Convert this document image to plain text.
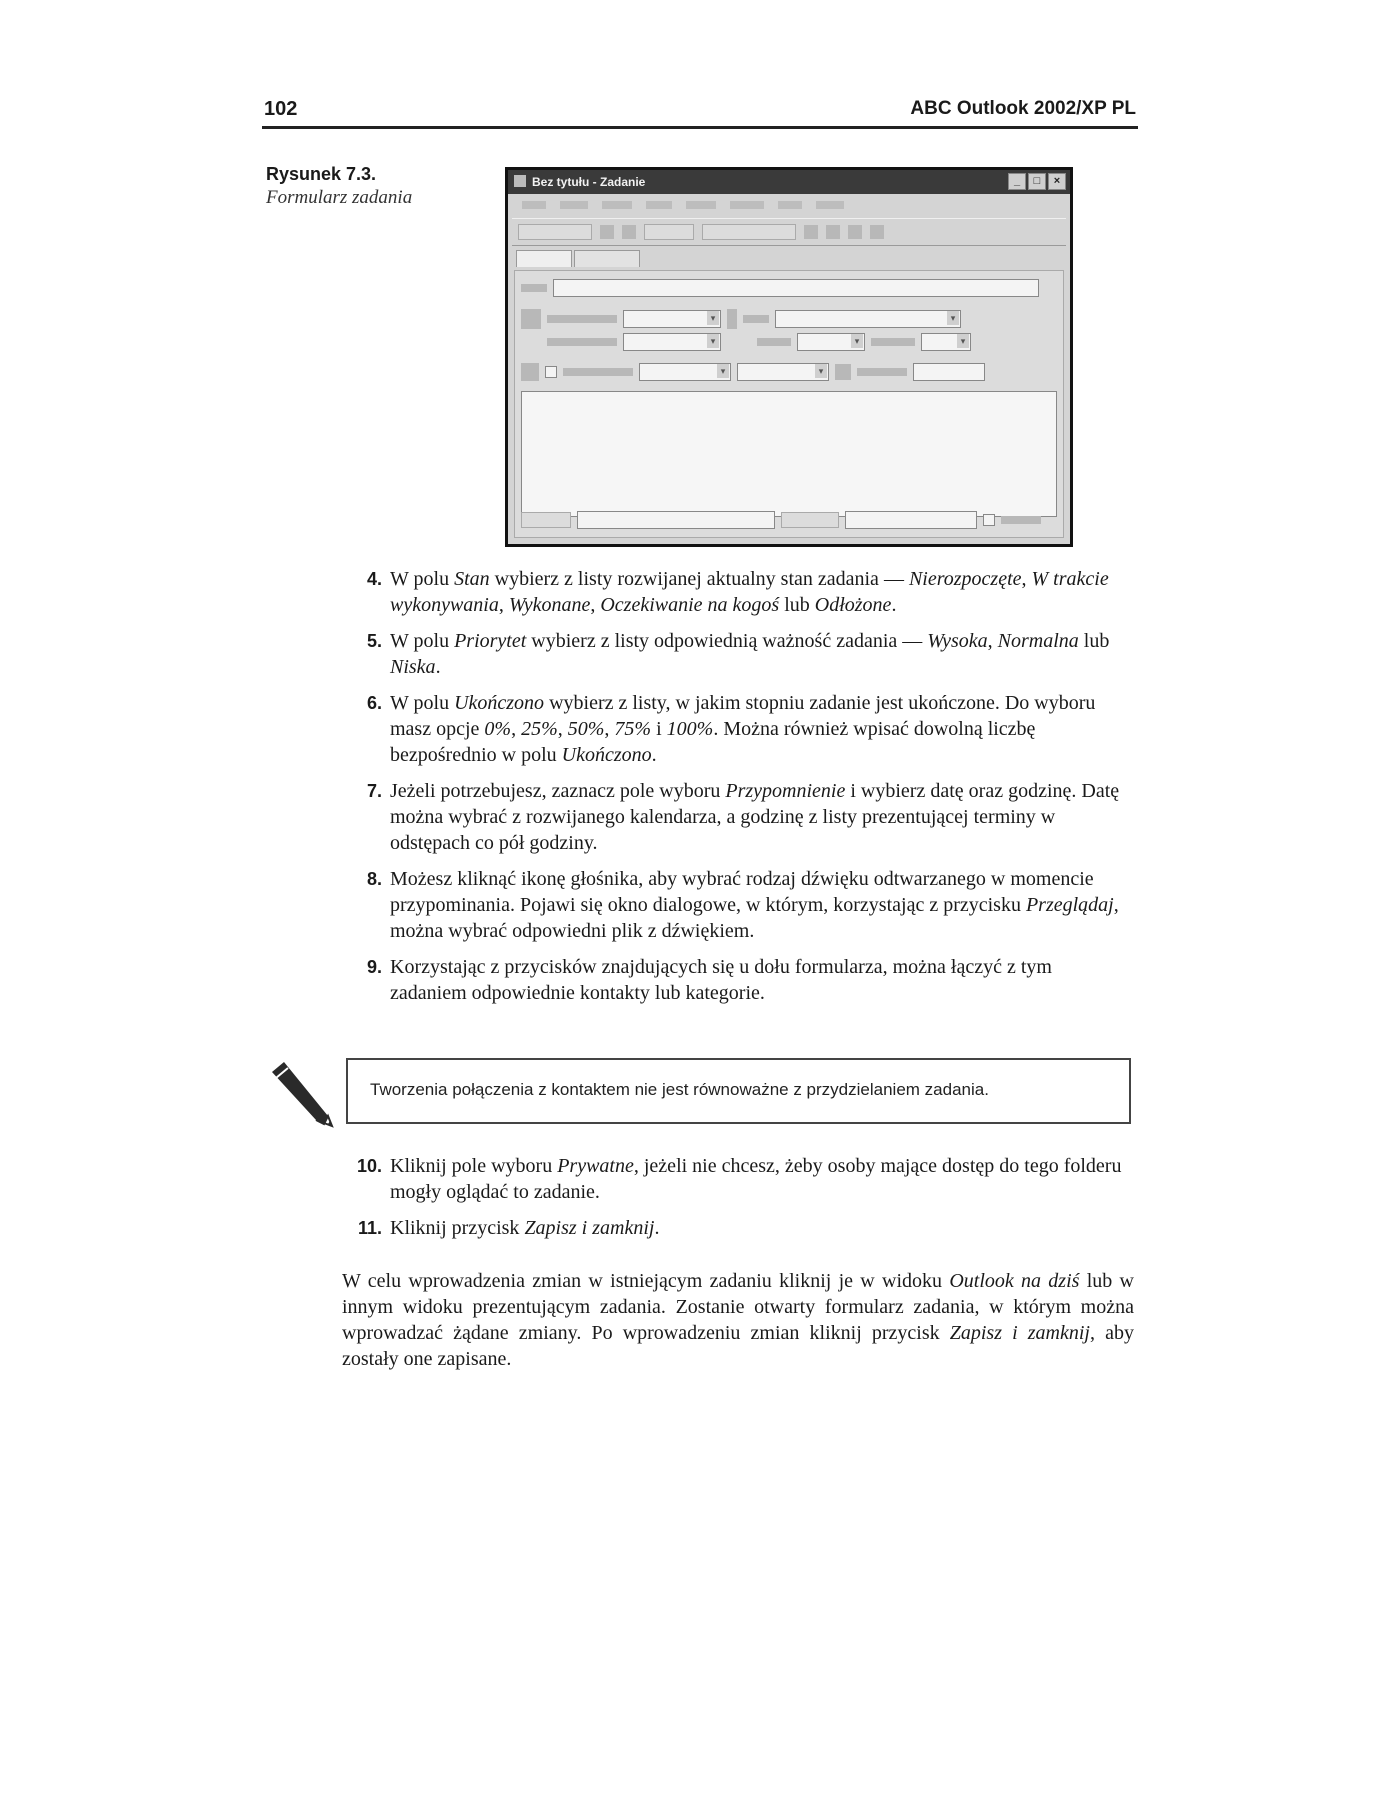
102	ABC Outlook 2002/XP PL
Rysunek 7.3.
Formularz zadania
Bez tytułu - Zadanie	_	□	×
▾
▾
▾
▾
▾
▾
▾
4. W polu Stan wybierz z listy rozwijanej aktualny stan zadania — Nierozpoczęte, W trakcie wykonywania, Wykonane, Oczekiwanie na kogoś lub Odłożone.
5. W polu Priorytet wybierz z listy odpowiednią ważność zadania — Wysoka, Normalna lub Niska.
6. W polu Ukończono wybierz z listy, w jakim stopniu zadanie jest ukończone. Do wyboru masz opcje 0%, 25%, 50%, 75% i 100%. Można również wpisać dowolną liczbę bezpośrednio w polu Ukończono.
7. Jeżeli potrzebujesz, zaznacz pole wyboru Przypomnienie i wybierz datę oraz godzinę. Datę można wybrać z rozwijanego kalendarza, a godzinę z listy prezentującej terminy w odstępach co pół godziny.
8. Możesz kliknąć ikonę głośnika, aby wybrać rodzaj dźwięku odtwarzanego w momencie przypominania. Pojawi się okno dialogowe, w którym, korzystając z przycisku Przeglądaj, można wybrać odpowiedni plik z dźwiękiem.
9. Korzystając z przycisków znajdujących się u dołu formularza, można łączyć z tym zadaniem odpowiednie kontakty lub kategorie.
Tworzenia połączenia z kontaktem nie jest równoważne z przydzielaniem zadania.
10. Kliknij pole wyboru Prywatne, jeżeli nie chcesz, żeby osoby mające dostęp do tego folderu mogły oglądać to zadanie.
11. Kliknij przycisk Zapisz i zamknij.
W celu wprowadzenia zmian w istniejącym zadaniu kliknij je w widoku Outlook na dziś lub w innym widoku prezentującym zadania. Zostanie otwarty formularz zadania, w którym można wprowadzać żądane zmiany. Po wprowadzeniu zmian kliknij przycisk Zapisz i zamknij, aby zostały one zapisane.
